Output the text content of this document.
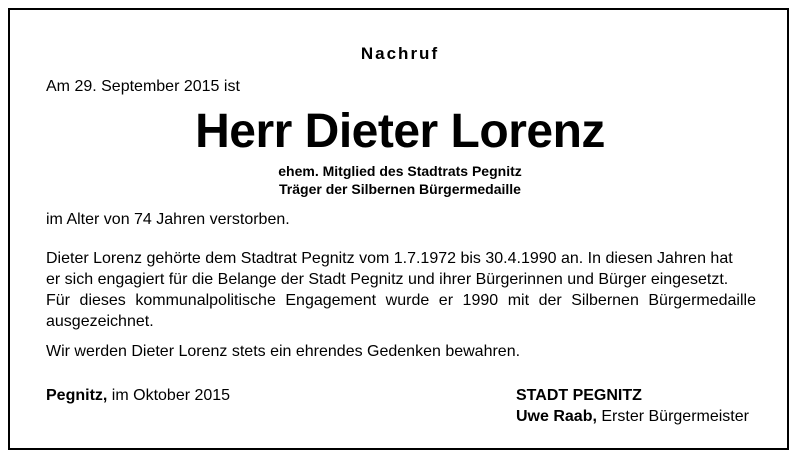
Nachruf
Am 29. September 2015 ist
Herr Dieter Lorenz
ehem. Mitglied des Stadtrats Pegnitz
Träger der Silbernen Bürgermedaille
im Alter von 74 Jahren verstorben.
Dieter Lorenz gehörte dem Stadtrat Pegnitz vom 1.7.1972 bis 30.4.1990 an. In diesen Jahren hat
er sich engagiert für die Belange der Stadt Pegnitz und ihrer Bürgerinnen und Bürger eingesetzt.
Für dieses kommunalpolitische Engagement wurde er 1990 mit der Silbernen Bürgermedaille
ausgezeichnet.
Wir werden Dieter Lorenz stets ein ehrendes Gedenken bewahren.
Pegnitz, im Oktober 2015	STADT PEGNITZ
Uwe Raab, Erster Bürgermeister
